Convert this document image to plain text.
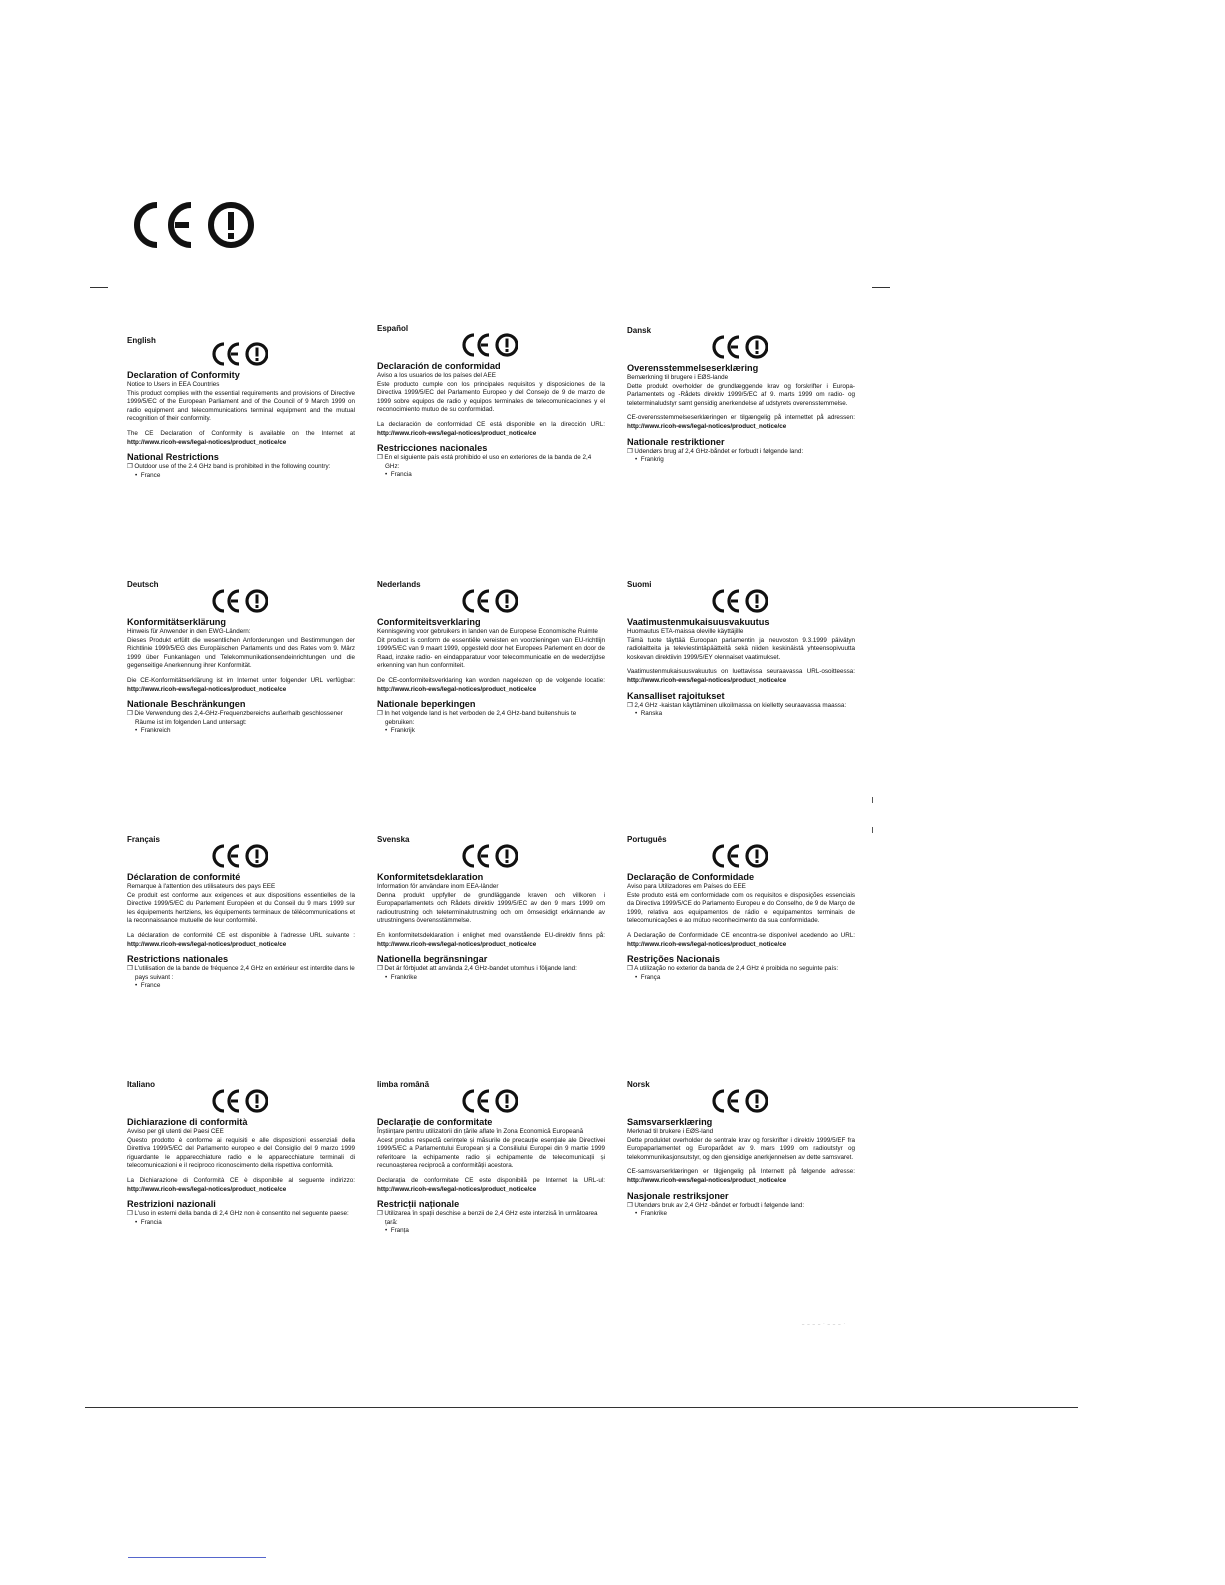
English
Declaration of Conformity
Notice to Users in EEA Countries
This product complies with the essential requirements and provisions of Directive 1999/5/EC of the European Parliament and of the Council of 9 March 1999 on radio equipment and telecommunications terminal equipment and the mutual recognition of their conformity.
The CE Declaration of Conformity is available on the Internet at http://www.ricoh-ews/legal-notices/product_notice/ce
National Restrictions
❐ Outdoor use of the 2.4 GHz band is prohibited in the following country:
•  France
Español
Declaración de conformidad
Aviso a los usuarios de los países del AEE
Este producto cumple con los principales requisitos y disposiciones de la Directiva 1999/5/EC del Parlamento Europeo y del Consejo de 9 de marzo de 1999 sobre equipos de radio y equipos terminales de telecomunicaciones y el reconocimiento mutuo de su conformidad.
La declaración de conformidad CE está disponible en la dirección URL: http://www.ricoh-ews/legal-notices/product_notice/ce
Restricciones nacionales
❐ En el siguiente país está prohibido el uso en exteriores de la banda de 2,4 GHz:
•  Francia
Dansk
Overensstemmelseserklæring
Bemærkning til brugere i EØS-lande
Dette produkt overholder de grundlæggende krav og forskrifter i Europa-Parlamentets og -Rådets direktiv 1999/5/EC af 9. marts 1999 om radio- og teleterminaludstyr samt gensidig anerkendelse af udstyrets overensstemmelse.
CE-overensstemmelseserklæringen er tilgængelig på internettet på adressen: http://www.ricoh-ews/legal-notices/product_notice/ce
Nationale restriktioner
❐ Udendørs brug af 2,4 GHz-båndet er forbudt i følgende land:
•  Frankrig
Deutsch
Konformitätserklärung
Hinweis für Anwender in den EWG-Ländern:
Dieses Produkt erfüllt die wesentlichen Anforderungen und Bestimmungen der Richtlinie 1999/5/EG des Europäischen Parlaments und des Rates vom 9. März 1999 über Funkanlagen und Telekommunikationsendeinrichtungen und die gegenseitige Anerkennung ihrer Konformität.
Die CE-Konformitätserklärung ist im Internet unter folgender URL verfügbar: http://www.ricoh-ews/legal-notices/product_notice/ce
Nationale Beschränkungen
❐ Die Verwendung des 2,4-GHz-Frequenzbereichs außerhalb geschlossener Räume ist im folgenden Land untersagt:
•  Frankreich
Nederlands
Conformiteitsverklaring
Kennisgeving voor gebruikers in landen van de Europese Economische Ruimte
Dit product is conform de essentiële vereisten en voorzieningen van EU-richtlijn 1999/5/EC van 9 maart 1999, opgesteld door het Europees Parlement en door de Raad, inzake radio- en eindapparatuur voor telecommunicatie en de wederzijdse erkenning van hun conformiteit.
De CE-conformiteitsverklaring kan worden nagelezen op de volgende locatie: http://www.ricoh-ews/legal-notices/product_notice/ce
Nationale beperkingen
❐ In het volgende land is het verboden de 2,4 GHz-band buitenshuis te gebruiken:
•  Frankrijk
Suomi
Vaatimustenmukaisuusvakuutus
Huomautus ETA-maissa oleville käyttäjille
Tämä tuote täyttää Euroopan parlamentin ja neuvoston 9.3.1999 päivätyn radiolaitteita ja televiestintäpäätteitä sekä niiden keskinäistä yhteensopivuutta koskevan direktiivin 1999/5/EY olennaiset vaatimukset.
Vaatimustenmukaisuusvakuutus on luettavissa seuraavassa URL-osoitteessa: http://www.ricoh-ews/legal-notices/product_notice/ce
Kansalliset rajoitukset
❐ 2,4 GHz -kaistan käyttäminen ulkoilmassa on kielletty seuraavassa maassa:
•  Ranska
Français
Déclaration de conformité
Remarque à l'attention des utilisateurs des pays EEE
Ce produit est conforme aux exigences et aux dispositions essentielles de la Directive 1999/5/EC du Parlement Européen et du Conseil du 9 mars 1999 sur les équipements hertziens, les équipements terminaux de télécommunications et la reconnaissance mutuelle de leur conformité.
La déclaration de conformité CE est disponible à l'adresse URL suivante : http://www.ricoh-ews/legal-notices/product_notice/ce
Restrictions nationales
❐ L'utilisation de la bande de fréquence 2,4 GHz en extérieur est interdite dans le pays suivant :
•  France
Svenska
Konformitetsdeklaration
Information för användare inom EEA-länder
Denna produkt uppfyller de grundläggande kraven och villkoren i Europaparlamentets och Rådets direktiv 1999/5/EC av den 9 mars 1999 om radioutrustning och teleterminalutrustning och om ömsesidigt erkännande av utrustningens överensstämmelse.
En konformitetsdeklaration i enlighet med ovanstående EU-direktiv finns på: http://www.ricoh-ews/legal-notices/product_notice/ce
Nationella begränsningar
❐ Det är förbjudet att använda 2,4 GHz-bandet utomhus i följande land:
•  Frankrike
Português
Declaração de Conformidade
Aviso para Utilizadores em Países do EEE
Este produto está em conformidade com os requisitos e disposições essenciais da Directiva 1999/5/CE do Parlamento Europeu e do Conselho, de 9 de Março de 1999, relativa aos equipamentos de rádio e equipamentos terminais de telecomunicações e ao mútuo reconhecimento da sua conformidade.
A Declaração de Conformidade CE encontra-se disponível acedendo ao URL: http://www.ricoh-ews/legal-notices/product_notice/ce
Restrições Nacionais
❐ A utilização no exterior da banda de 2,4 GHz é proibida no seguinte país:
•  França
Italiano
Dichiarazione di conformità
Avviso per gli utenti dei Paesi CEE
Questo prodotto è conforme ai requisiti e alle disposizioni essenziali della Direttiva 1999/5/EC del Parlamento europeo e del Consiglio del 9 marzo 1999 riguardante le apparecchiature radio e le apparecchiature terminali di telecomunicazioni e il reciproco riconoscimento della rispettiva conformità.
La Dichiarazione di Conformità CE è disponibile al seguente indirizzo: http://www.ricoh-ews/legal-notices/product_notice/ce
Restrizioni nazionali
❐ L'uso in esterni della banda di 2,4 GHz non è consentito nel seguente paese:
•  Francia
limba română
Declarație de conformitate
Înștiințare pentru utilizatorii din țările aflate în Zona Economică Europeană
Acest produs respectă cerințele și măsurile de precauție esențiale ale Directivei 1999/5/EC a Parlamentului European și a Consiliului Europei din 9 martie 1999 referitoare la echipamente radio și echipamente de telecomunicații și recunoașterea reciprocă a conformității acestora.
Declarația de conformitate CE este disponibilă pe Internet la URL-ul: http://www.ricoh-ews/legal-notices/product_notice/ce
Restricții naționale
❐ Utilizarea în spații deschise a benzii de 2,4 GHz este interzisă în următoarea țară:
•  Franța
Norsk
Samsvarserklæring
Merknad til brukere i EØS-land
Dette produktet overholder de sentrale krav og forskrifter i direktiv 1999/5/EF fra Europaparlamentet og Europarådet av 9. mars 1999 om radioutstyr og telekommunikasjonsutstyr, og den gjensidige anerkjennelsen av dette samsvaret.
CE-samsvarserklæringen er tilgjengelig på Internett på følgende adresse: http://www.ricoh-ews/legal-notices/product_notice/ce
Nasjonale restriksjoner
❐ Utendørs bruk av 2,4 GHz -båndet er forbudt i følgende land:
•  Frankrike
_ _ _ _ . _ _ _ .
